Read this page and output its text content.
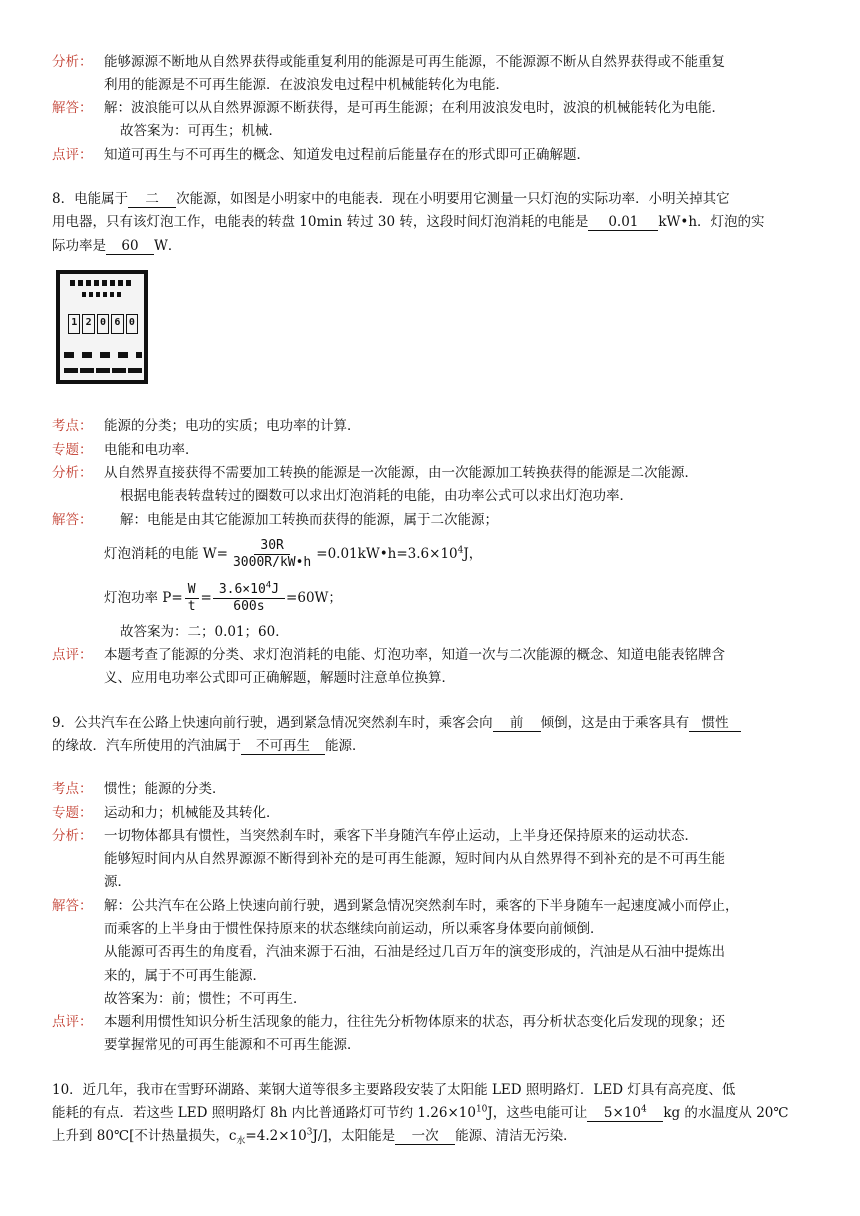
分析： 能够源源不断地从自然界获得或能重复利用的能源是可再生能源，不能源源不断从自然界获得或不能重复
利用的能源是不可再生能源．在波浪发电过程中机械能转化为电能．
解答： 解：波浪能可以从自然界源源不断获得，是可再生能源；在利用波浪发电时，波浪的机械能转化为电能．
故答案为：可再生；机械．
点评： 知道可再生与不可再生的概念、知道发电过程前后能量存在的形式即可正确解题．
8．电能属于 二 次能源，如图是小明家中的电能表．现在小明要用它测量一只灯泡的实际功率．小明关掉其它
用电器，只有该灯泡工作，电能表的转盘 10min 转过 30 转，这段时间灯泡消耗的电能是 0.01 kW•h．灯泡的实
际功率是 60 W．
1 2 0 6 0
考点： 能源的分类；电功的实质；电功率的计算．
专题： 电能和电功率．
分析： 从自然界直接获得不需要加工转换的能源是一次能源，由一次能源加工转换获得的能源是二次能源．
根据电能表转盘转过的圈数可以求出灯泡消耗的电能，由功率公式可以求出灯泡功率．
解答：	解：电能是由其它能源加工转换而获得的能源，属于二次能源；
灯泡消耗的电能 $W= \frac{30R}{3000R/kW•h}$ $=0.01kW•h=3.6\times 10^4J$，
灯泡功率 $P= \frac{W}{t} = \frac{3.6\times 10^4J}{600s} =60W$；
故答案为：二；0.01；60．
点评： 本题考查了能源的分类、求灯泡消耗的电能、灯泡功率，知道一次与二次能源的概念、知道电能表铭牌含
义、应用电功率公式即可正确解题，解题时注意单位换算．
9．公共汽车在公路上快速向前行驶，遇到紧急情况突然刹车时，乘客会向 前 倾倒，这是由于乘客具有 惯性
的缘故．汽车所使用的汽油属于 不可再生 能源．
考点： 惯性；能源的分类．
专题： 运动和力；机械能及其转化．
分析： 一切物体都具有惯性，当突然刹车时，乘客下半身随汽车停止运动，上半身还保持原来的运动状态．
能够短时间内从自然界源源不断得到补充的是可再生能源，短时间内从自然界得不到补充的是不可再生能
源．
解答： 解：公共汽车在公路上快速向前行驶，遇到紧急情况突然刹车时，乘客的下半身随车一起速度减小而停止，
而乘客的上半身由于惯性保持原来的状态继续向前运动，所以乘客身体要向前倾倒．
从能源可否再生的角度看，汽油来源于石油，石油是经过几百万年的演变形成的，汽油是从石油中提炼出
来的，属于不可再生能源．
故答案为：前；惯性；不可再生．
点评： 本题利用惯性知识分析生活现象的能力，往往先分析物体原来的状态，再分析状态变化后发现的现象；还
要掌握常见的可再生能源和不可再生能源．
10．近几年，我市在雪野环湖路、莱钢大道等很多主要路段安装了太阳能 LED 照明路灯．LED 灯具有高亮度、低
能耗的有点．若这些 LED 照明路灯 8h 内比普通路灯可节约 $1.26\times 10^{10}J$，这些电能可让 $5\times 10^4$ kg 的水温度从 20℃
上升到 80℃[不计热量损失，$c_水=4.2\times 10^3J/$]，太阳能是 一次 能源、清洁无污染．
